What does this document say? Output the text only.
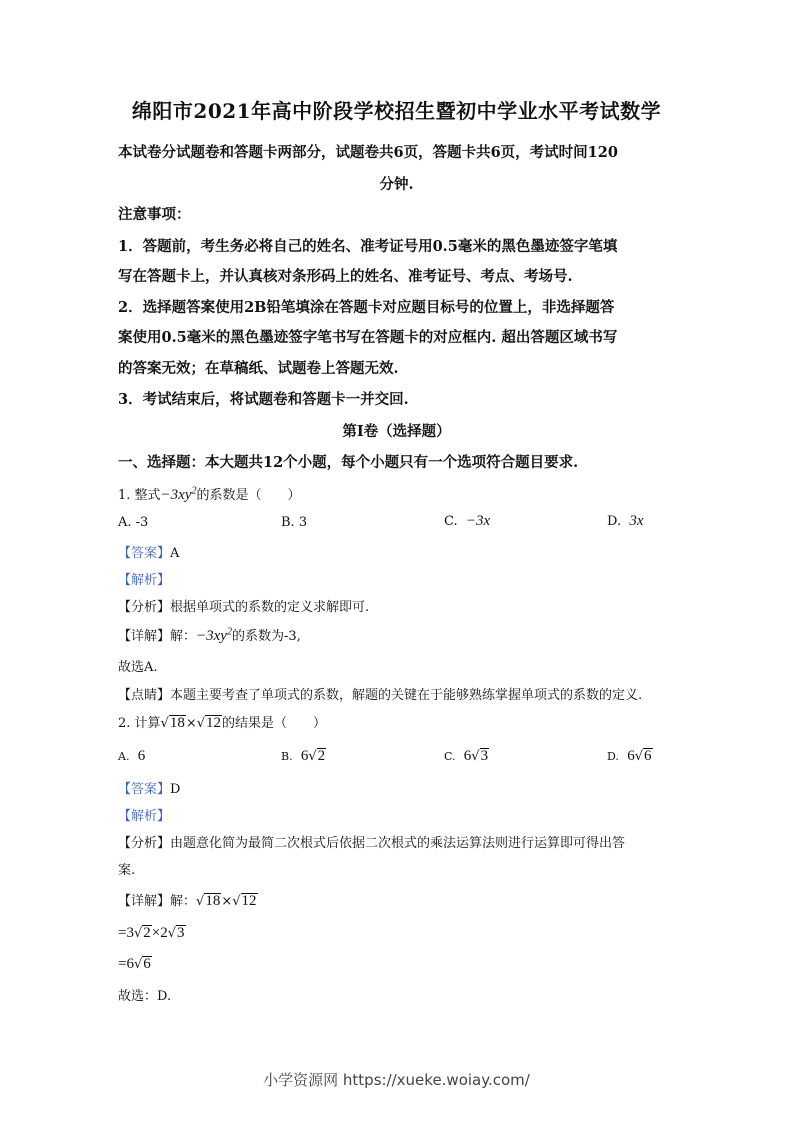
绵阳市2021年高中阶段学校招生暨初中学业水平考试数学
本试卷分试题卷和答题卡两部分，试题卷共6页，答题卡共6页，考试时间120
分钟.
注意事项：
1．答题前，考生务必将自己的姓名、准考证号用0.5毫米的黑色墨迹签字笔填
写在答题卡上，并认真核对条形码上的姓名、准考证号、考点、考场号.
2．选择题答案使用2B铅笔填涂在答题卡对应题目标号的位置上，非选择题答
案使用0.5毫米的黑色墨迹签字笔书写在答题卡的对应框内. 超出答题区域书写
的答案无效；在草稿纸、试题卷上答题无效.
3．考试结束后，将试题卷和答题卡一并交回.
第Ⅰ卷（选择题）
一、选择题：本大题共12个小题，每个小题只有一个选项符合题目要求.
1. 整式$-3xy^2$的系数是（　　）
A. -3	B. 3	C. −3x	D. 3x
【答案】A
【解析】
【分析】根据单项式的系数的定义求解即可.
【详解】解：$-3xy^2$的系数为-3,
故选A.
【点睛】本题主要考查了单项式的系数，解题的关键在于能够熟练掌握单项式的系数的定义.
2. 计算√18×√12的结果是（　　）
A. 6	B. 6√2	C. 6√3	D. 6√6
【答案】D
【解析】
【分析】由题意化简为最简二次根式后依据二次根式的乘法运算法则进行运算即可得出答
案.
【详解】解：√18×√12
=3√2×2√3
=6√6
故选：D.
小学资源网 https://xueke.woiay.com/
